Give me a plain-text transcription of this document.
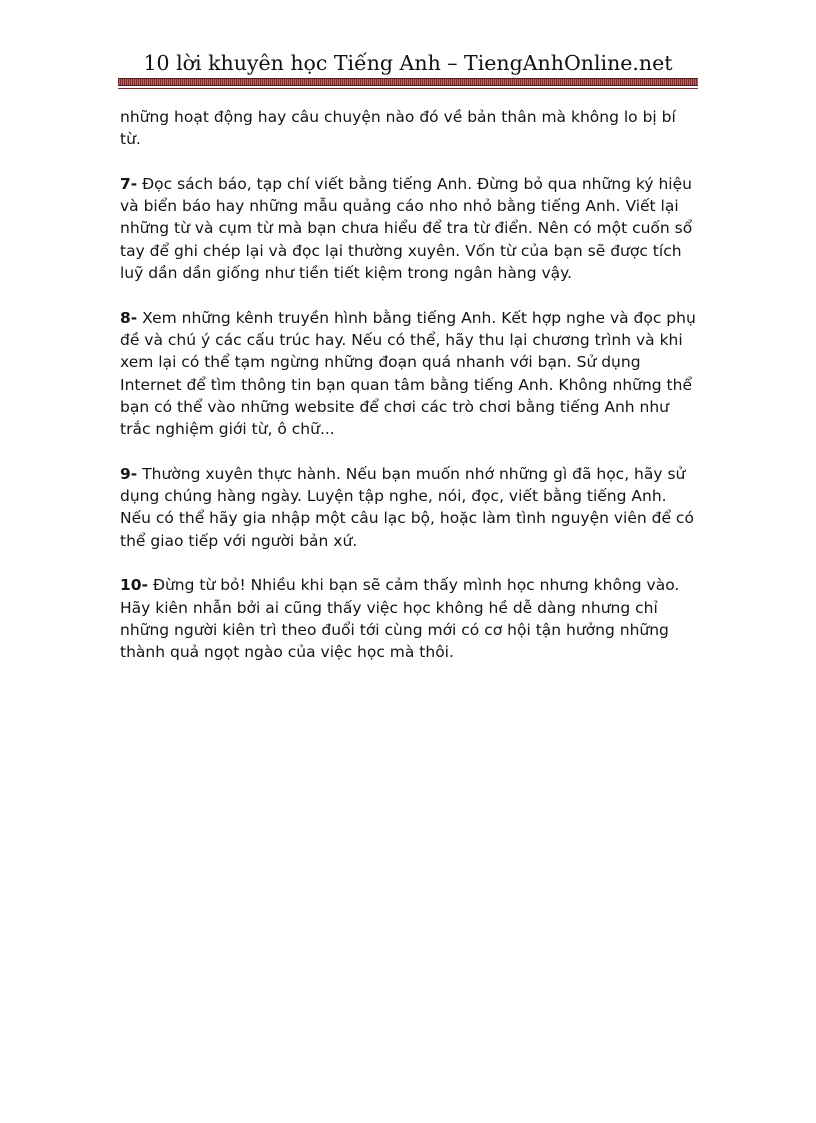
10 lời khuyên học Tiếng Anh – TiengAnhOnline.net

những hoạt động hay câu chuyện nào đó về bản thân mà không lo bị bí từ.

7- Đọc sách báo, tạp chí viết bằng tiếng Anh. Đừng bỏ qua những ký hiệu và biển báo hay những mẫu quảng cáo nho nhỏ bằng tiếng Anh. Viết lại những từ và cụm từ mà bạn chưa hiểu để tra từ điển. Nên có một cuốn sổ tay để ghi chép lại và đọc lại thường xuyên. Vốn từ của bạn sẽ được tích luỹ dần dần giống như tiền tiết kiệm trong ngân hàng vậy.

8- Xem những kênh truyền hình bằng tiếng Anh. Kết hợp nghe và đọc phụ đề và chú ý các cấu trúc hay. Nếu có thể, hãy thu lại chương trình và khi xem lại có thể tạm ngừng những đoạn quá nhanh với bạn. Sử dụng Internet để tìm thông tin bạn quan tâm bằng tiếng Anh. Không những thể bạn có thể vào những website để chơi các trò chơi bằng tiếng Anh như trắc nghiệm giới từ, ô chữ...

9- Thường xuyên thực hành. Nếu bạn muốn nhớ những gì đã học, hãy sử dụng chúng hàng ngày. Luyện tập nghe, nói, đọc, viết bằng tiếng Anh. Nếu có thể hãy gia nhập một câu lạc bộ, hoặc làm tình nguyện viên để có thể giao tiếp với người bản xứ.

10- Đừng từ bỏ! Nhiều khi bạn sẽ cảm thấy mình học nhưng không vào. Hãy kiên nhẫn bởi ai cũng thấy việc học không hề dễ dàng nhưng chỉ những người kiên trì theo đuổi tới cùng mới có cơ hội tận hưởng những thành quả ngọt ngào của việc học mà thôi.
